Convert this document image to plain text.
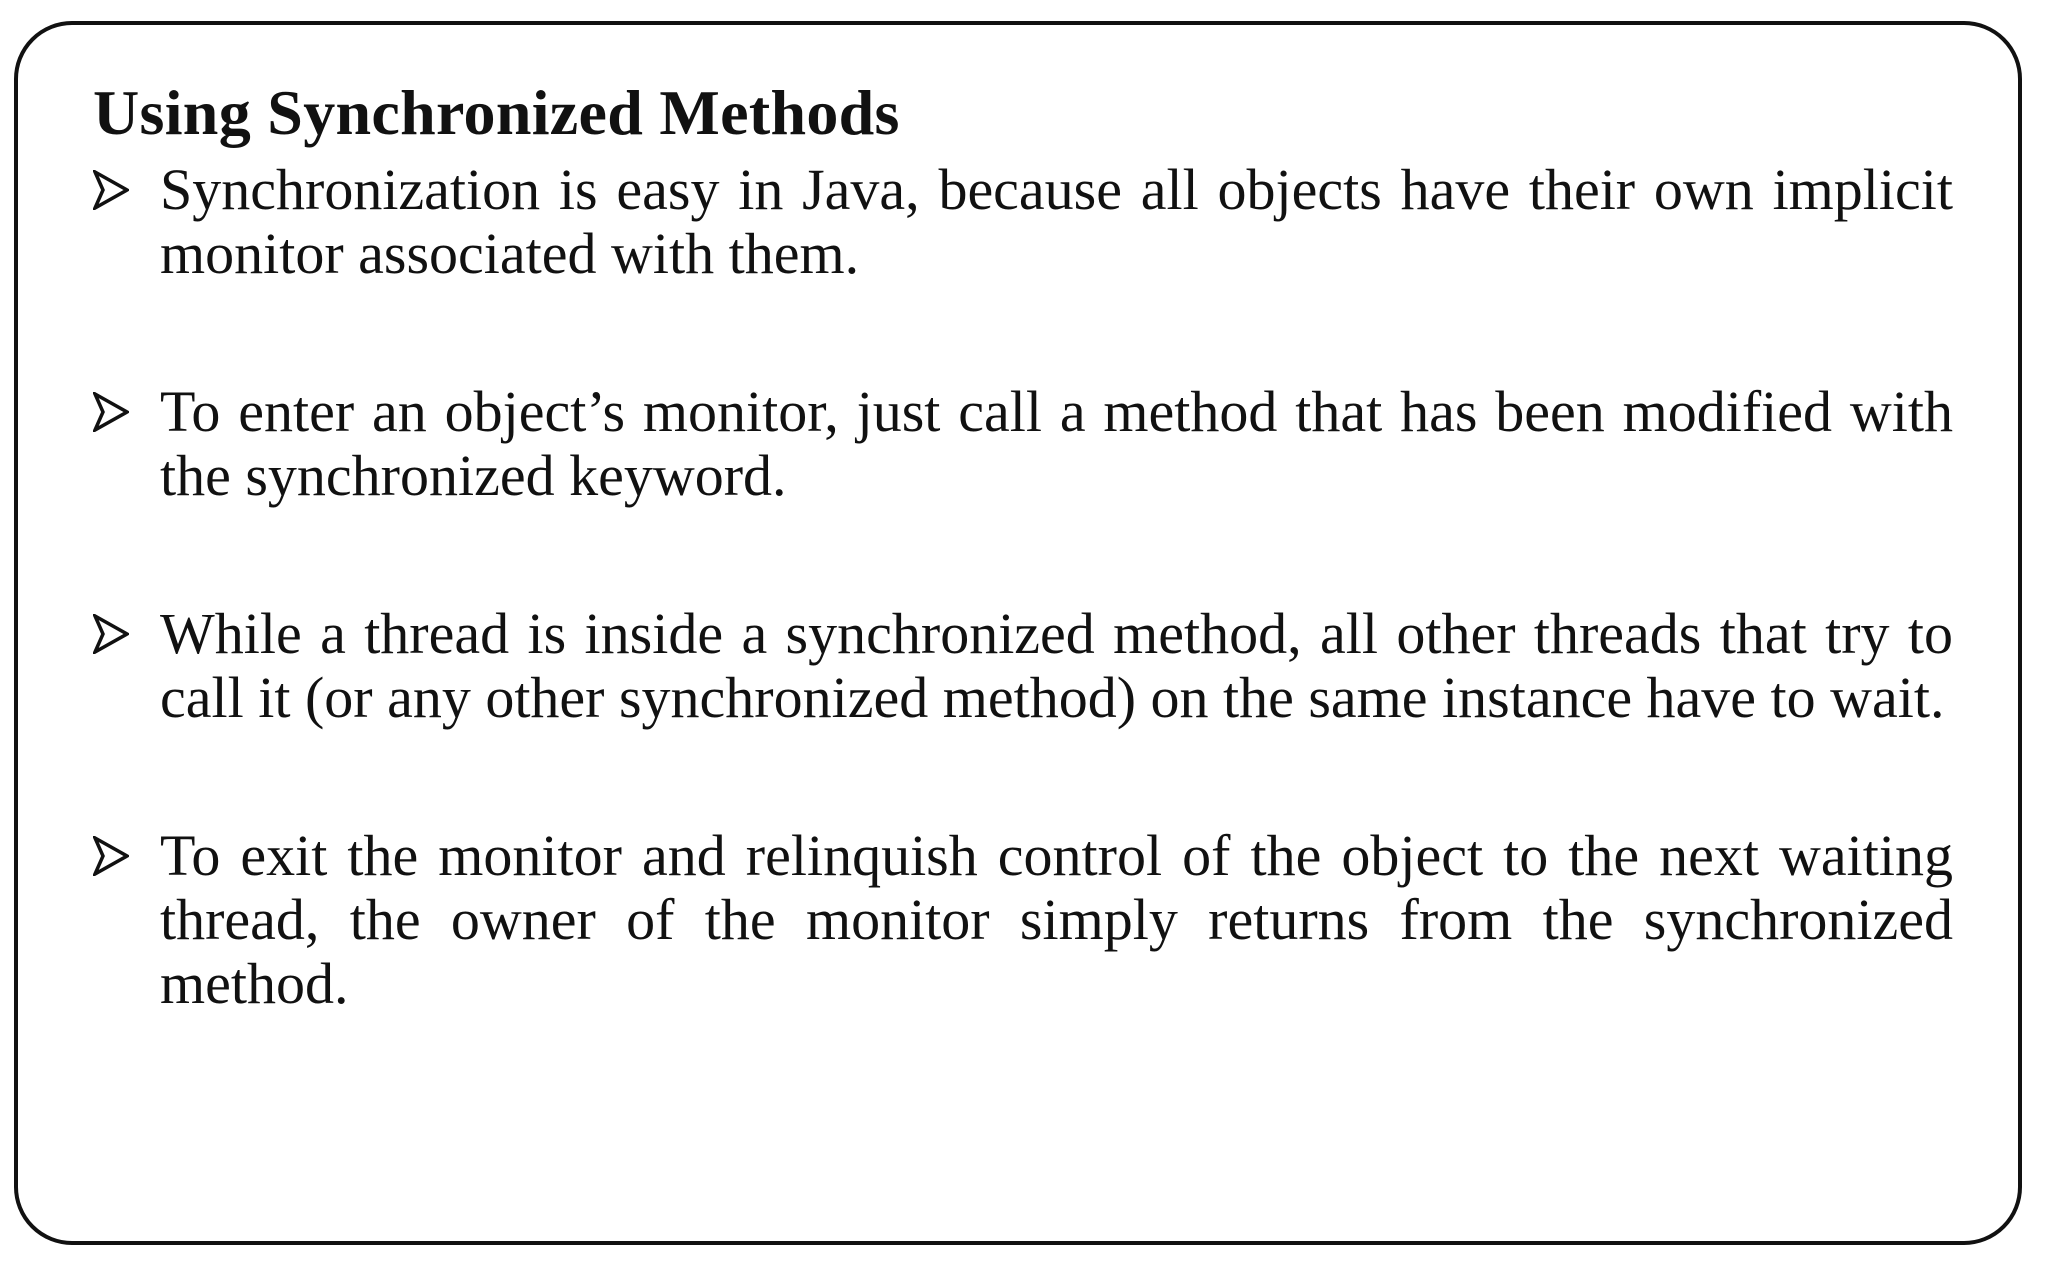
Using Synchronized Methods
Synchronization is easy in Java, because all objects have their own implicit monitor associated with them.
To enter an object’s monitor, just call a method that has been modified with the synchronized keyword.
While a thread is inside a synchronized method, all other threads that try to call it (or any other synchronized method) on the same instance have to wait.
To exit the monitor and relinquish control of the object to the next waiting thread, the owner of the monitor simply returns from the synchronized method.
